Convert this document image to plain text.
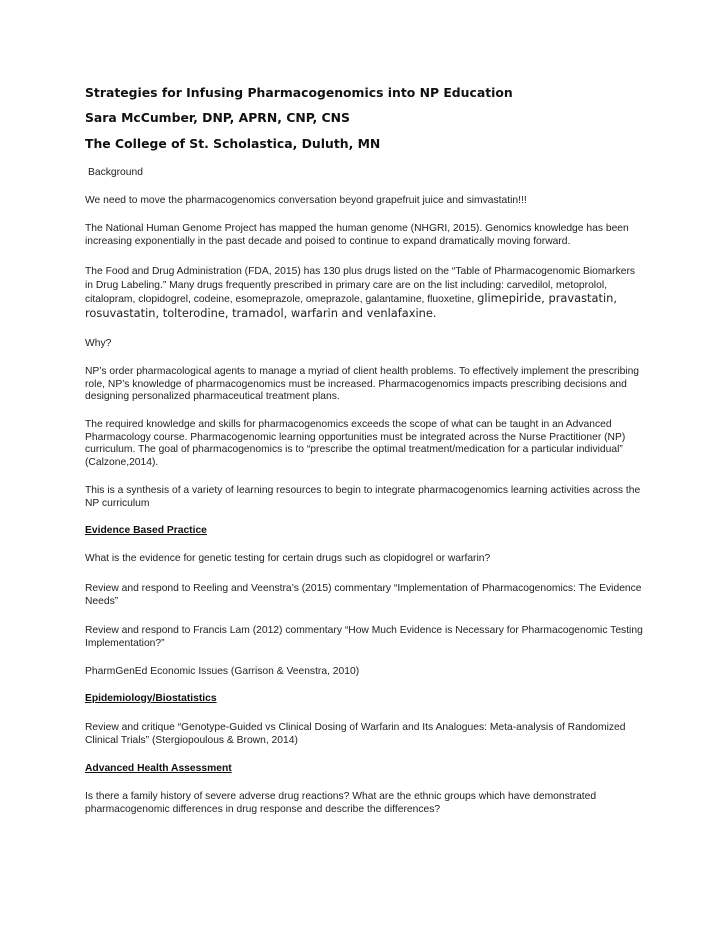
Strategies for Infusing Pharmacogenomics into NP Education

Sara McCumber, DNP, APRN, CNP, CNS

The College of St. Scholastica, Duluth, MN

Background

We need to move the pharmacogenomics conversation beyond grapefruit juice and simvastatin!!!

The National Human Genome Project has mapped the human genome (NHGRI, 2015). Genomics knowledge has been increasing exponentially in the past decade and poised to continue to expand dramatically moving forward.

The Food and Drug Administration (FDA, 2015) has 130 plus drugs listed on the “Table of Pharmacogenomic Biomarkers in Drug Labeling.” Many drugs frequently prescribed in primary care are on the list including: carvedilol, metoprolol, citalopram, clopidogrel, codeine, esomeprazole, omeprazole, galantamine, fluoxetine, glimepiride, pravastatin, rosuvastatin, tolterodine, tramadol, warfarin and venlafaxine.

Why?

NP’s order pharmacological agents to manage a myriad of client health problems. To effectively implement the prescribing role, NP’s knowledge of pharmacogenomics must be increased. Pharmacogenomics impacts prescribing decisions and designing personalized pharmaceutical treatment plans.

The required knowledge and skills for pharmacogenomics exceeds the scope of what can be taught in an Advanced Pharmacology course. Pharmacogenomic learning opportunities must be integrated across the Nurse Practitioner (NP) curriculum. The goal of pharmacogenomics is to “prescribe the optimal treatment/medication for a particular individual” (Calzone,2014).

This is a synthesis of a variety of learning resources to begin to integrate pharmacogenomics learning activities across the NP curriculum

Evidence Based Practice

What is the evidence for genetic testing for certain drugs such as clopidogrel or warfarin?

Review and respond to Reeling and Veenstra’s (2015) commentary “Implementation of Pharmacogenomics: The Evidence Needs”

Review and respond to Francis Lam (2012) commentary “How Much Evidence is Necessary for Pharmacogenomic Testing Implementation?”

PharmGenEd Economic Issues (Garrison & Veenstra, 2010)

Epidemiology/Biostatistics

Review and critique “Genotype-Guided vs Clinical Dosing of Warfarin and Its Analogues: Meta-analysis of Randomized Clinical Trials” (Stergiopoulous & Brown, 2014)

Advanced Health Assessment

Is there a family history of severe adverse drug reactions? What are the ethnic groups which have demonstrated pharmacogenomic differences in drug response and describe the differences?
